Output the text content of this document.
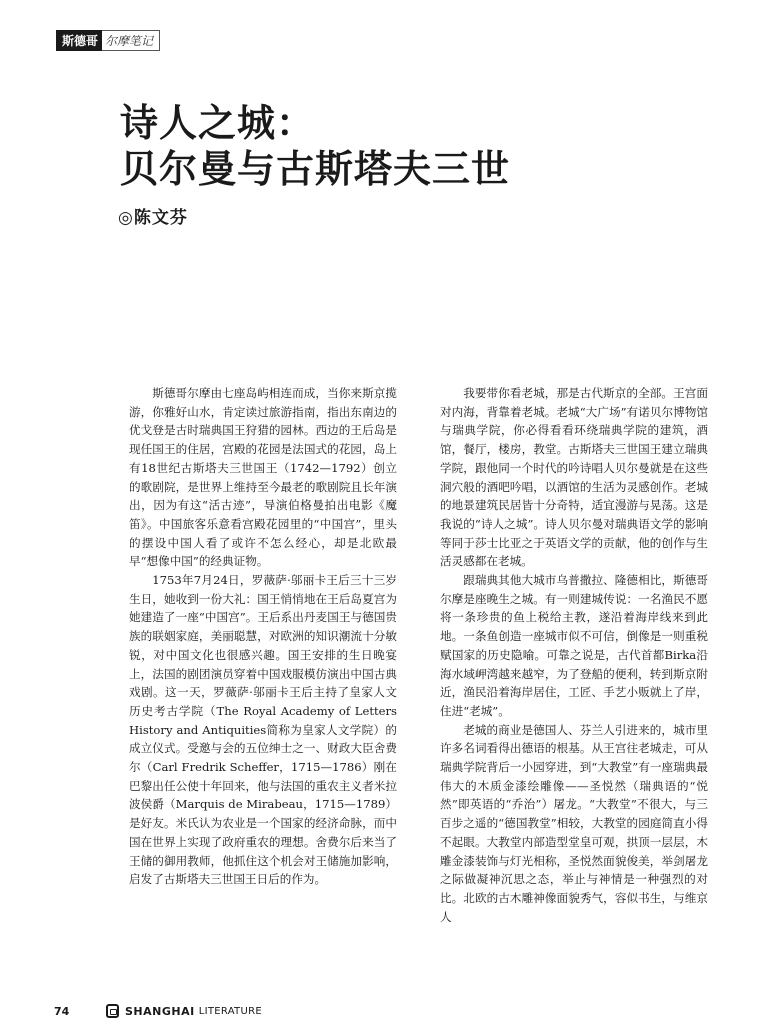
斯德哥 尔摩笔记
诗人之城：
贝尔曼与古斯塔夫三世
◎陈文芬

斯德哥尔摩由七座岛屿相连而成，当你来斯京揽游，你雅好山水，肯定读过旅游指南，指出东南边的优戈登是古时瑞典国王狩猎的园林。西边的王后岛是现任国王的住居，宫殿的花园是法国式的花园，岛上有18世纪古斯塔夫三世国王（1742—1792）创立的歌剧院，是世界上维持至今最老的歌剧院且长年演出，因为有这“活古迹”，导演伯格曼拍出电影《魔笛》。中国旅客乐意看宫殿花园里的“中国宫”，里头的摆设中国人看了或许不怎么经心，却是北欧最早“想像中国”的经典证物。

1753年7月24日，罗薇萨·邬丽卡王后三十三岁生日，她收到一份大礼：国王悄悄地在王后岛夏宫为她建造了一座“中国宫”。王后系出丹麦国王与德国贵族的联姻家庭，美丽聪慧，对欧洲的知识潮流十分敏锐，对中国文化也很感兴趣。国王安排的生日晚宴上，法国的剧团演员穿着中国戏服模仿演出中国古典戏剧。这一天，罗薇萨·邬丽卡王后主持了皇家人文历史考古学院（The Royal Academy of Letters History and Antiquities简称为皇家人文学院）的成立仪式。受邀与会的五位绅士之一、财政大臣舍费尔（Carl Fredrik Scheffer，1715—1786）刚在巴黎出任公使十年回来，他与法国的重农主义者米拉波侯爵（Marquis de Mirabeau，1715—1789）是好友。米氏认为农业是一个国家的经济命脉，而中国在世界上实现了政府重农的理想。舍费尔后来当了王储的御用教师，他抓住这个机会对王储施加影响，启发了古斯塔夫三世国王日后的作为。

我要带你看老城，那是古代斯京的全部。王宫面对内海，背靠着老城。老城“大广场”有诺贝尔博物馆与瑞典学院，你必得看看环绕瑞典学院的建筑，酒馆，餐厅，楼房，教堂。古斯塔夫三世国王建立瑞典学院，跟他同一个时代的吟诗唱人贝尔曼就是在这些洞穴般的酒吧吟唱，以酒馆的生活为灵感创作。老城的地景建筑民居皆十分奇特，适宜漫游与晃荡。这是我说的“诗人之城”。诗人贝尔曼对瑞典语文学的影响等同于莎士比亚之于英语文学的贡献，他的创作与生活灵感都在老城。

跟瑞典其他大城市乌普撒拉、隆德相比，斯德哥尔摩是座晚生之城。有一则建城传说：一名渔民不愿将一条珍贵的鱼上税给主教，遂沿着海岸线来到此地。一条鱼创造一座城市似不可信，倒像是一则重税赋国家的历史隐喻。可靠之说是，古代首都Birka沿海水域岬湾越来越窄，为了登船的便利，转到斯京附近，渔民沿着海岸居住，工匠、手艺小贩就上了岸，住进“老城”。

老城的商业是德国人、芬兰人引进来的，城市里许多名词看得出德语的根基。从王宫往老城走，可从瑞典学院背后一小园穿进，到“大教堂”有一座瑞典最伟大的木质金漆绘雕像——圣悦然（瑞典语的“悦然”即英语的“乔治”）屠龙。“大教堂”不很大，与三百步之遥的“德国教堂”相较，大教堂的园庭简直小得不起眼。大教堂内部造型堂皇可观，拱顶一层层，木雕金漆装饰与灯光相称，圣悦然面貌俊美，举剑屠龙之际做凝神沉思之态，举止与神情是一种强烈的对比。北欧的古木雕神像面貌秀气，容似书生，与维京人

74	SHANGHAI LITERATURE
